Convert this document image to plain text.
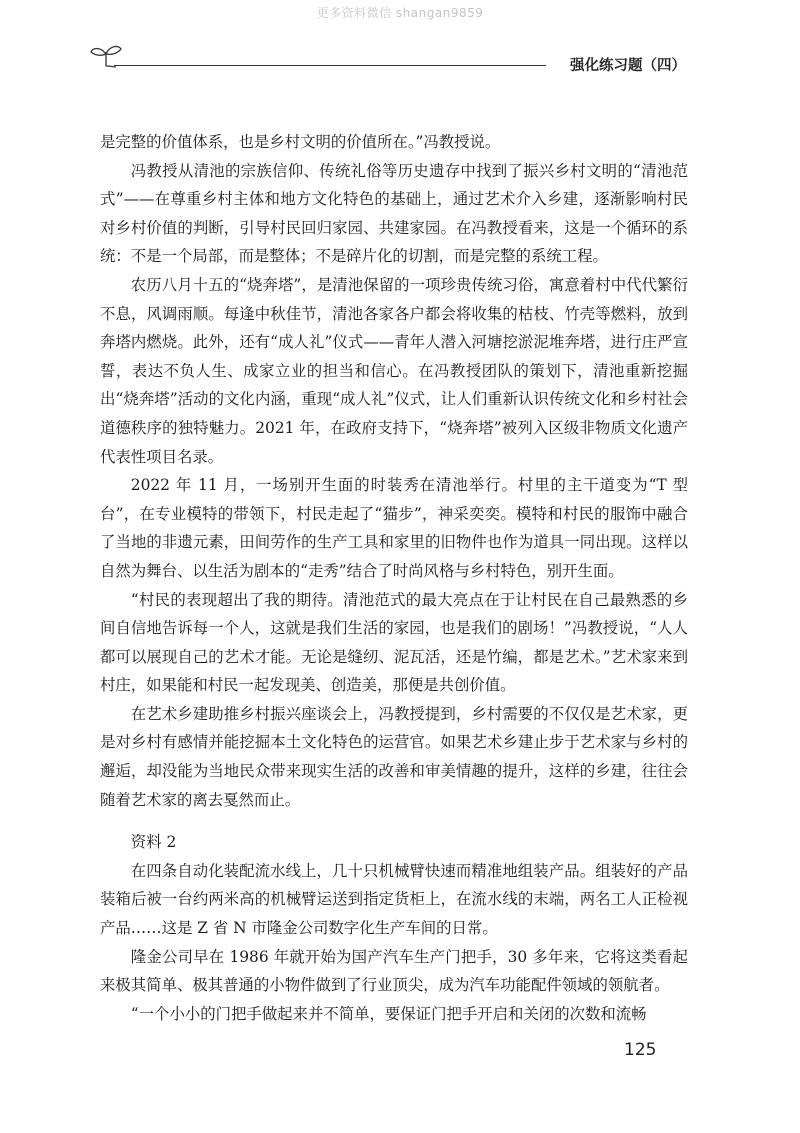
更多资料微信 shangan9859
强化练习题（四）

是完整的价值体系，也是乡村文明的价值所在。”冯教授说。

冯教授从清池的宗族信仰、传统礼俗等历史遗存中找到了振兴乡村文明的“清池范式”——在尊重乡村主体和地方文化特色的基础上，通过艺术介入乡建，逐渐影响村民对乡村价值的判断，引导村民回归家园、共建家园。在冯教授看来，这是一个循环的系统：不是一个局部，而是整体；不是碎片化的切割，而是完整的系统工程。

农历八月十五的“烧奔塔”，是清池保留的一项珍贵传统习俗，寓意着村中代代繁衍不息，风调雨顺。每逢中秋佳节，清池各家各户都会将收集的枯枝、竹壳等燃料，放到奔塔内燃烧。此外，还有“成人礼”仪式——青年人潜入河塘挖淤泥堆奔塔，进行庄严宣誓，表达不负人生、成家立业的担当和信心。在冯教授团队的策划下，清池重新挖掘出“烧奔塔”活动的文化内涵，重现“成人礼”仪式，让人们重新认识传统文化和乡村社会道德秩序的独特魅力。2021 年，在政府支持下，“烧奔塔”被列入区级非物质文化遗产代表性项目名录。

2022 年 11 月，一场别开生面的时装秀在清池举行。村里的主干道变为“T 型台”，在专业模特的带领下，村民走起了“猫步”，神采奕奕。模特和村民的服饰中融合了当地的非遗元素，田间劳作的生产工具和家里的旧物件也作为道具一同出现。这样以自然为舞台、以生活为剧本的“走秀”结合了时尚风格与乡村特色，别开生面。

“村民的表现超出了我的期待。清池范式的最大亮点在于让村民在自己最熟悉的乡间自信地告诉每一个人，这就是我们生活的家园，也是我们的剧场！”冯教授说，“人人都可以展现自己的艺术才能。无论是缝纫、泥瓦活，还是竹编，都是艺术。”艺术家来到村庄，如果能和村民一起发现美、创造美，那便是共创价值。

在艺术乡建助推乡村振兴座谈会上，冯教授提到，乡村需要的不仅仅是艺术家，更是对乡村有感情并能挖掘本土文化特色的运营官。如果艺术乡建止步于艺术家与乡村的邂逅，却没能为当地民众带来现实生活的改善和审美情趣的提升，这样的乡建，往往会随着艺术家的离去戛然而止。

资料 2

在四条自动化装配流水线上，几十只机械臂快速而精准地组装产品。组装好的产品装箱后被一台约两米高的机械臂运送到指定货柜上，在流水线的末端，两名工人正检视产品……这是 Z 省 N 市隆金公司数字化生产车间的日常。

隆金公司早在 1986 年就开始为国产汽车生产门把手，30 多年来，它将这类看起来极其简单、极其普通的小物件做到了行业顶尖，成为汽车功能配件领域的领航者。

“一个小小的门把手做起来并不简单，要保证门把手开启和关闭的次数和流畅

125
